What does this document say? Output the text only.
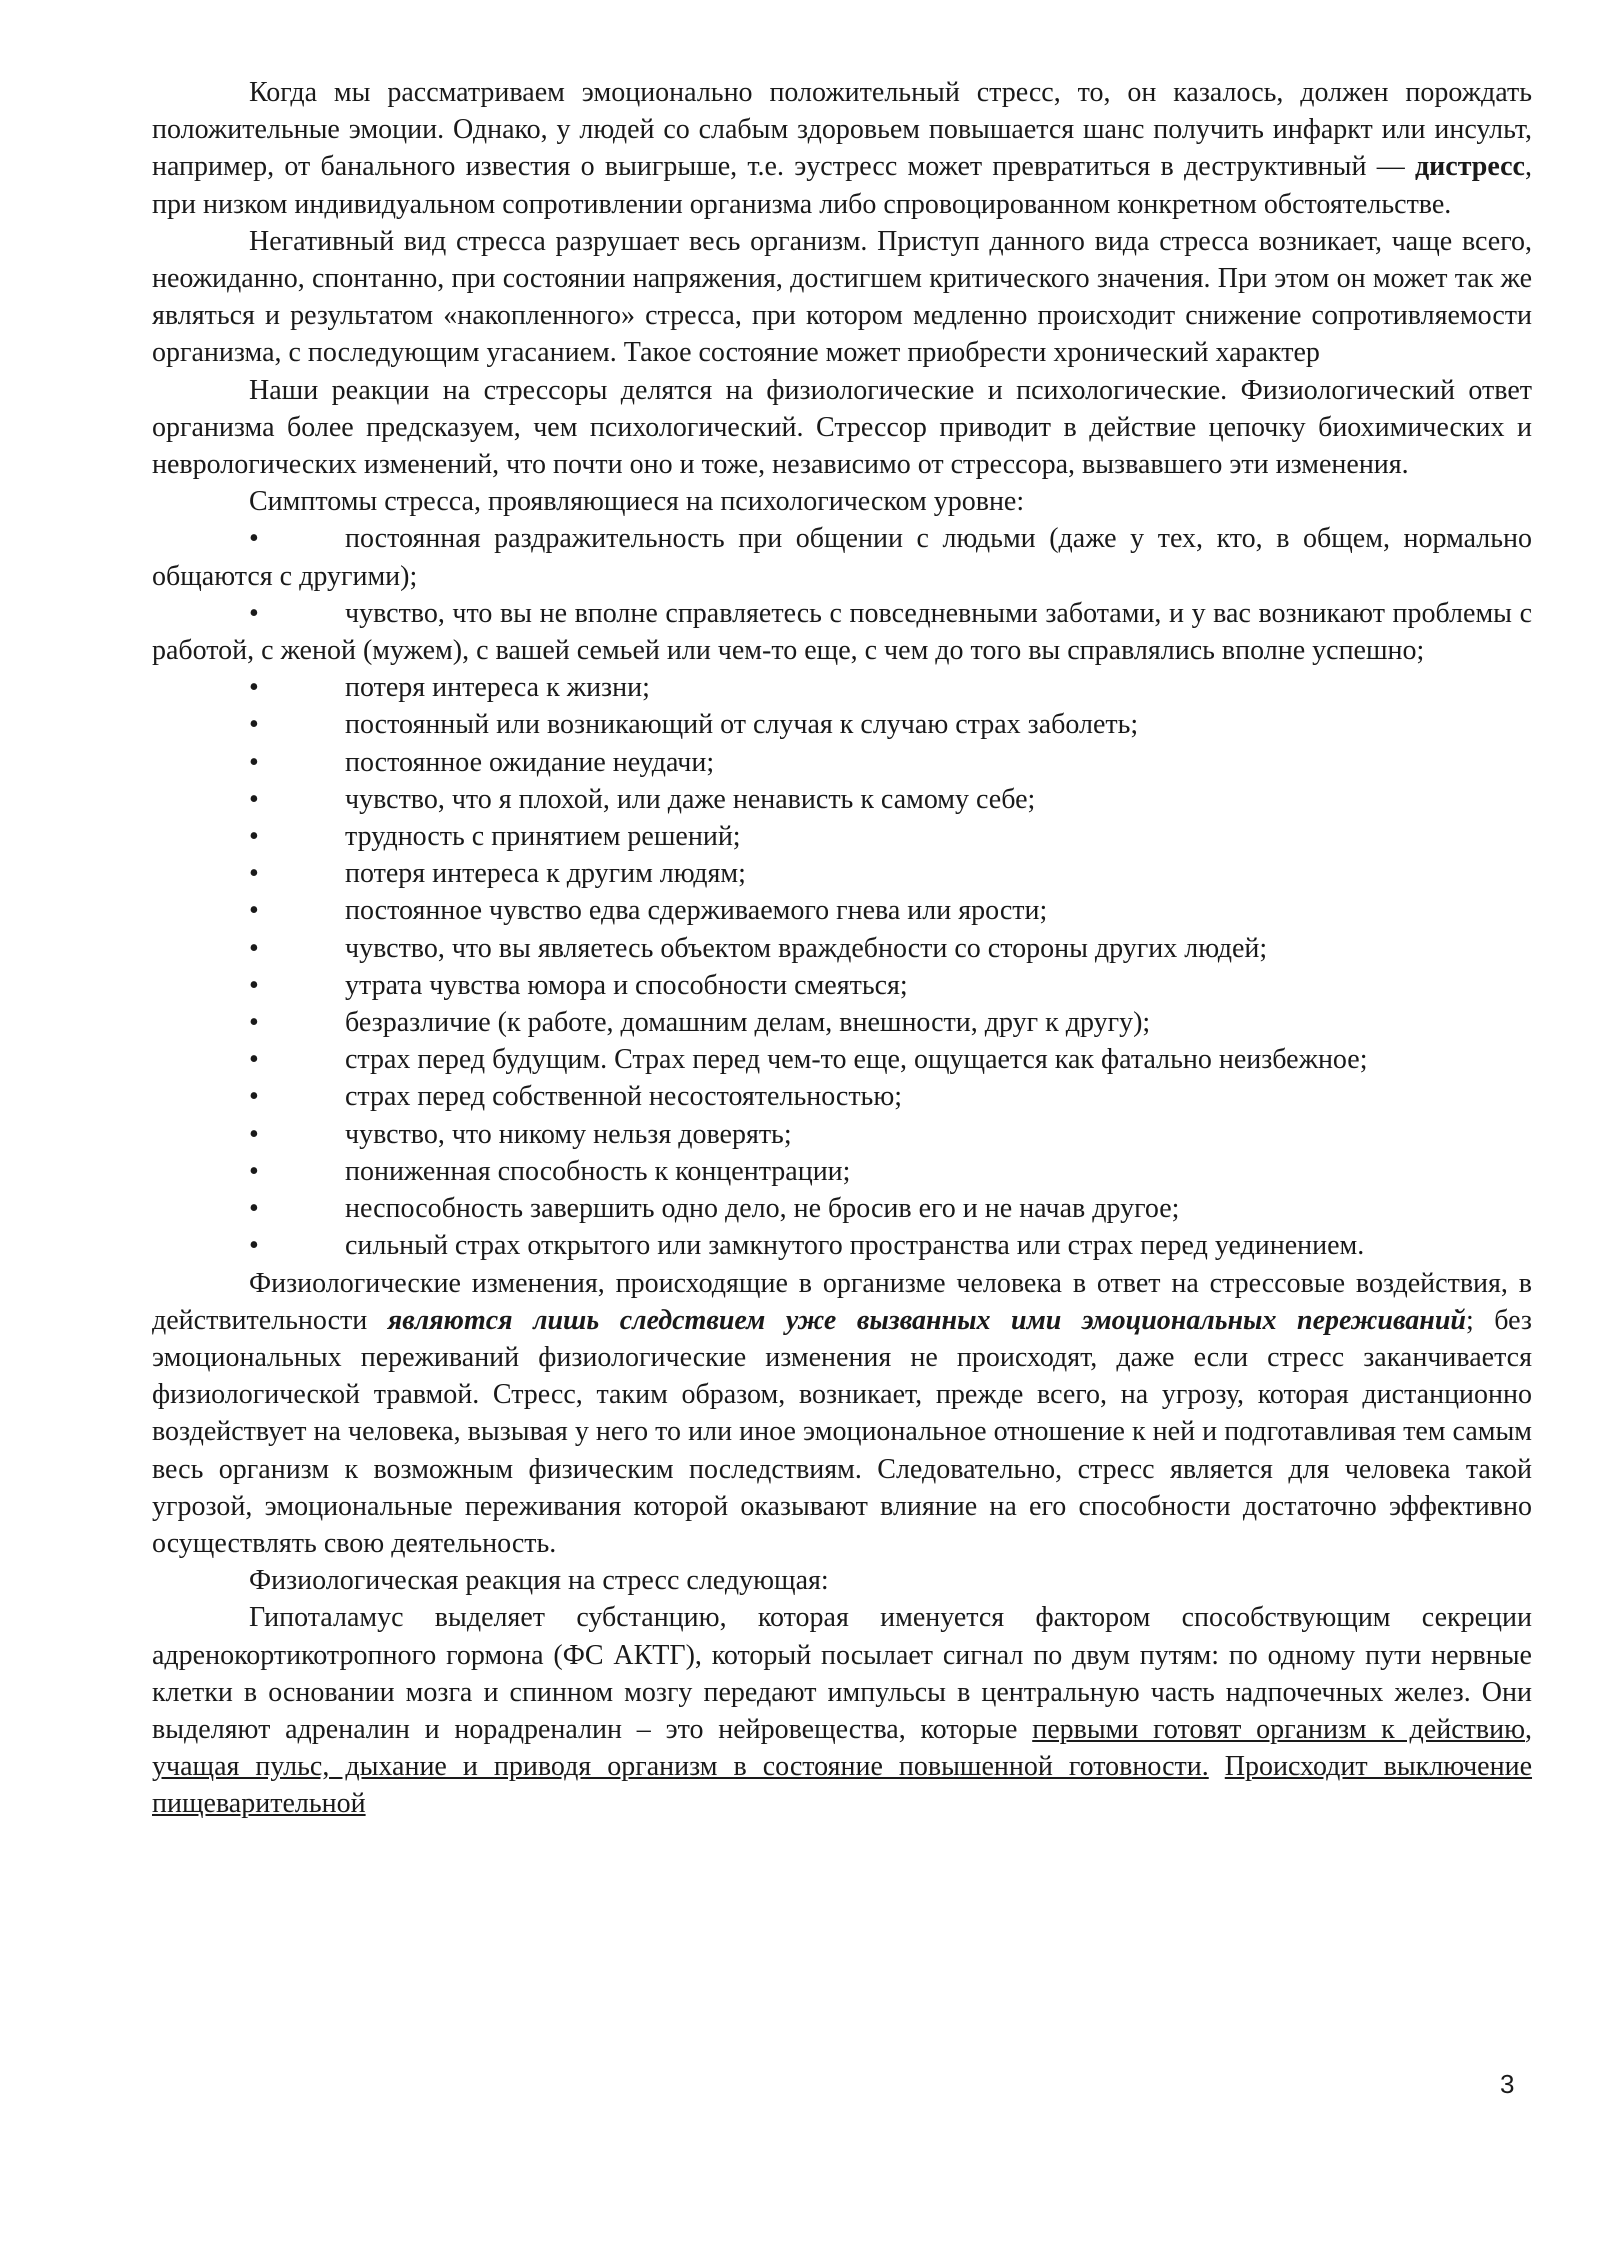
Когда мы рассматриваем эмоционально положительный стресс, то, он казалось, должен порождать положительные эмоции. Однако, у людей со слабым здоровьем повышается шанс получить инфаркт или инсульт, например, от банального известия о выигрыше, т.е. эустресс может превратиться в деструктивный — дистресс, при низком индивидуальном сопротивлении организма либо спровоцированном конкретном обстоятельстве.

Негативный вид стресса разрушает весь организм. Приступ данного вида стресса возникает, чаще всего, неожиданно, спонтанно, при состоянии напряжения, достигшем критического значения. При этом он может так же являться и результатом «накопленного» стресса, при котором медленно происходит снижение сопротивляемости организма, с последующим угасанием. Такое состояние может приобрести хронический характер

Наши реакции на стрессоры делятся на физиологические и психологические. Физиологический ответ организма более предсказуем, чем психологический. Стрессор приводит в действие цепочку биохимических и неврологических изменений, что почти оно и тоже, независимо от стрессора, вызвавшего эти изменения.

Симптомы стресса, проявляющиеся на психологическом уровне:

•	постоянная раздражительность при общении с людьми (даже у тех, кто, в общем, нормально общаются с другими);

•	чувство, что вы не вполне справляетесь с повседневными заботами, и у вас возникают проблемы с работой, с женой (мужем), с вашей семьей или чем-то еще, с чем до того вы справлялись вполне успешно;

•	потеря интереса к жизни;

•	постоянный или возникающий от случая к случаю страх заболеть;

•	постоянное ожидание неудачи;

•	чувство, что я плохой, или даже ненависть к самому себе;

•	трудность с принятием решений;

•	потеря интереса к другим людям;

•	постоянное чувство едва сдерживаемого гнева или ярости;

•	чувство, что вы являетесь объектом враждебности со стороны других людей;

•	утрата чувства юмора и способности смеяться;

•	безразличие (к работе, домашним делам, внешности, друг к другу);

•	страх перед будущим. Страх перед чем-то еще, ощущается как фатально неизбежное;

•	страх перед собственной несостоятельностью;

•	чувство, что никому нельзя доверять;

•	пониженная способность к концентрации;

•	неспособность завершить одно дело, не бросив его и не начав другое;

•	сильный страх открытого или замкнутого пространства или страх перед уединением.

Физиологические изменения, происходящие в организме человека в ответ на стрессовые воздействия, в действительности являются лишь следствием уже вызванных ими эмоциональных переживаний; без эмоциональных переживаний физиологические изменения не происходят, даже если стресс заканчивается физиологической травмой. Стресс, таким образом, возникает, прежде всего, на угрозу, которая дистанционно воздействует на человека, вызывая у него то или иное эмоциональное отношение к ней и подготавливая тем самым весь организм к возможным физическим последствиям. Следовательно, стресс является для человека такой угрозой, эмоциональные переживания которой оказывают влияние на его способности достаточно эффективно осуществлять свою деятельность.

Физиологическая реакция на стресс следующая:

Гипоталамус выделяет субстанцию, которая именуется фактором способствующим секреции адренокортикотропного гормона (ФС АКТГ), который посылает сигнал по двум путям: по одному пути нервные клетки в основании мозга и спинном мозгу передают импульсы в центральную часть надпочечных желез. Они выделяют адреналин и норадреналин – это нейровещества, которые первыми готовят организм к действию, учащая пульс, дыхание и приводя организм в состояние повышенной готовности. Происходит выключение пищеварительной

3
